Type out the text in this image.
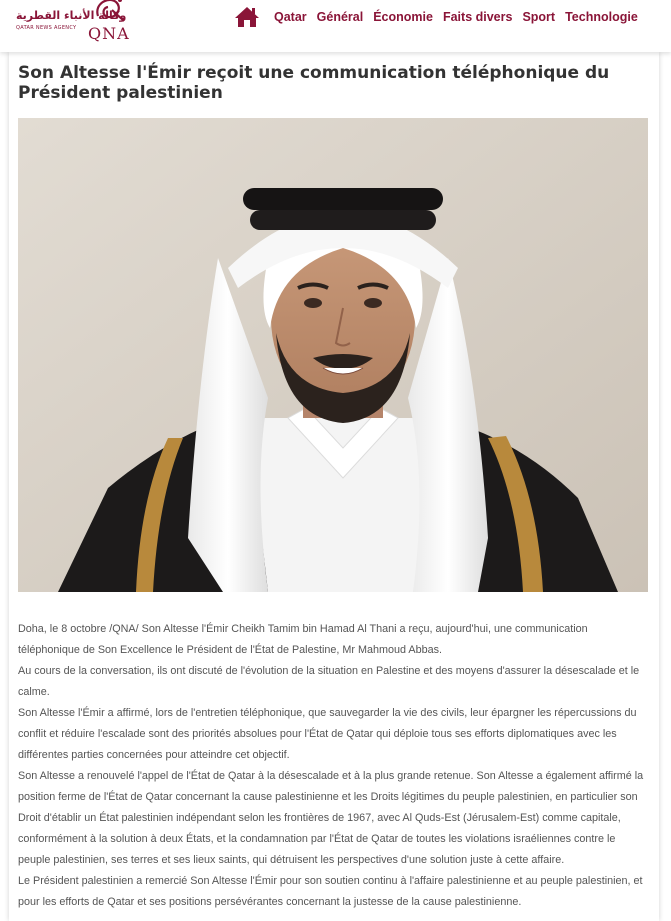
وكالة الأنباء القطرية
QATAR NEWS AGENCY QNA
Qatar Général Économie Faits divers Sport Technologie
Son Altesse l'Émir reçoit une communication téléphonique du Président palestinien

Doha, le 8 octobre /QNA/ Son Altesse l'Émir Cheikh Tamim bin Hamad Al Thani a reçu, aujourd'hui, une communication téléphonique de Son Excellence le Président de l'État de Palestine, Mr Mahmoud Abbas.

Au cours de la conversation, ils ont discuté de l'évolution de la situation en Palestine et des moyens d'assurer la désescalade et le calme.

Son Altesse l'Émir a affirmé, lors de l'entretien téléphonique, que sauvegarder la vie des civils, leur épargner les répercussions du conflit et réduire l'escalade sont des priorités absolues pour l'État de Qatar qui déploie tous ses efforts diplomatiques avec les différentes parties concernées pour atteindre cet objectif.

Son Altesse a renouvelé l'appel de l'État de Qatar à la désescalade et à la plus grande retenue. Son Altesse a également affirmé la position ferme de l'État de Qatar concernant la cause palestinienne et les Droits légitimes du peuple palestinien, en particulier son Droit d'établir un État palestinien indépendant selon les frontières de 1967, avec Al Quds-Est (Jérusalem-Est) comme capitale, conformément à la solution à deux États, et la condamnation par l'État de Qatar de toutes les violations israéliennes contre le peuple palestinien, ses terres et ses lieux saints, qui détruisent les perspectives d'une solution juste à cette affaire.

Le Président palestinien a remercié Son Altesse l'Émir pour son soutien continu à l'affaire palestinienne et au peuple palestinien, et pour les efforts de Qatar et ses positions persévérantes concernant la justesse de la cause palestinienne.
